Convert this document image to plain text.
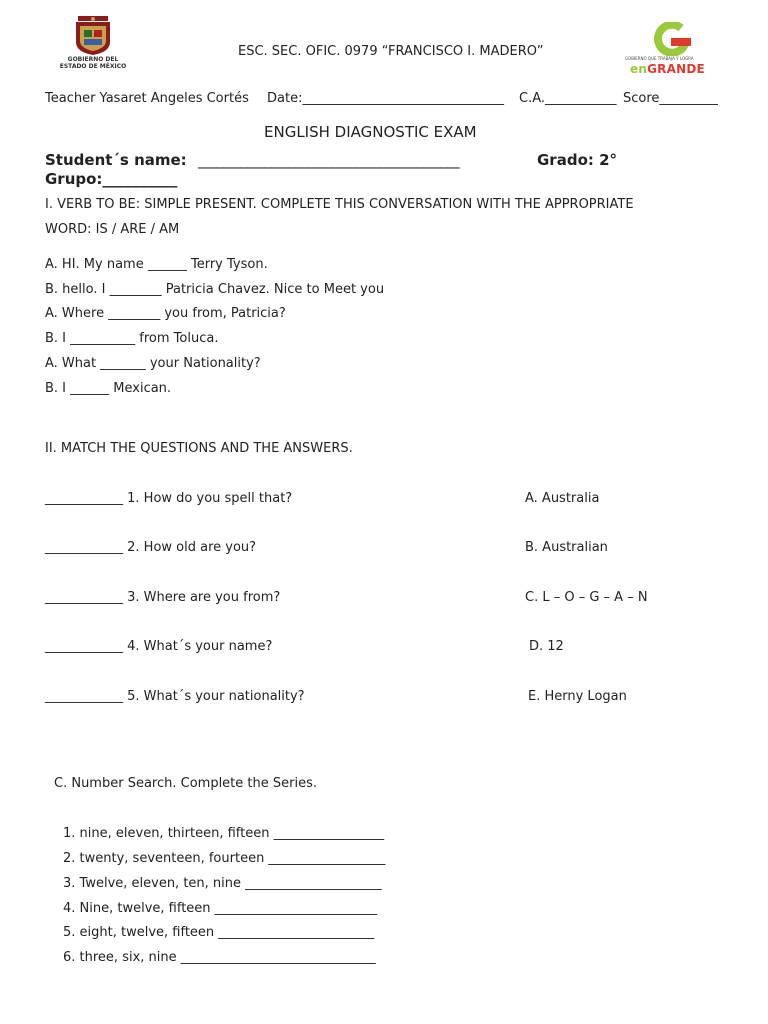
GOBIERNO DEL
ESTADO DE MÉXICO
ESC. SEC. OFIC. 0979 “FRANCISCO I. MADERO”	GOBIERNO QUE TRABAJA Y LOGRA
enGRANDE
Teacher Yasaret Angeles Cortés Date:_______________________________ C.A.___________ Score_________
ENGLISH DIAGNOSTIC EXAM
Student´s name: ___________________________________________	Grado: 2°
Grupo:__________
I. VERB TO BE: SIMPLE PRESENT. COMPLETE THIS CONVERSATION WITH THE APPROPRIATE
WORD: IS / ARE / AM
A. HI. My name ______ Terry Tyson.
B. hello. I ________ Patricia Chavez. Nice to Meet you
A. Where ________ you from, Patricia?
B. I __________ from Toluca.
A. What _______ your Nationality?
B. I ______ Mexican.
II. MATCH THE QUESTIONS AND THE ANSWERS.
____________ 1. How do you spell that?
____________ 2. How old are you?
____________ 3. Where are you from?
____________ 4. What´s your name?
____________ 5. What´s your nationality?
A. Australia
B. Australian
C. L – O – G – A – N
D. 12
E. Herny Logan
C. Number Search. Complete the Series.
1. nine, eleven, thirteen, fifteen _________________
2. twenty, seventeen, fourteen __________________
3. Twelve, eleven, ten, nine _____________________
4. Nine, twelve, fifteen _________________________
5. eight, twelve, fifteen ________________________
6. three, six, nine ______________________________
